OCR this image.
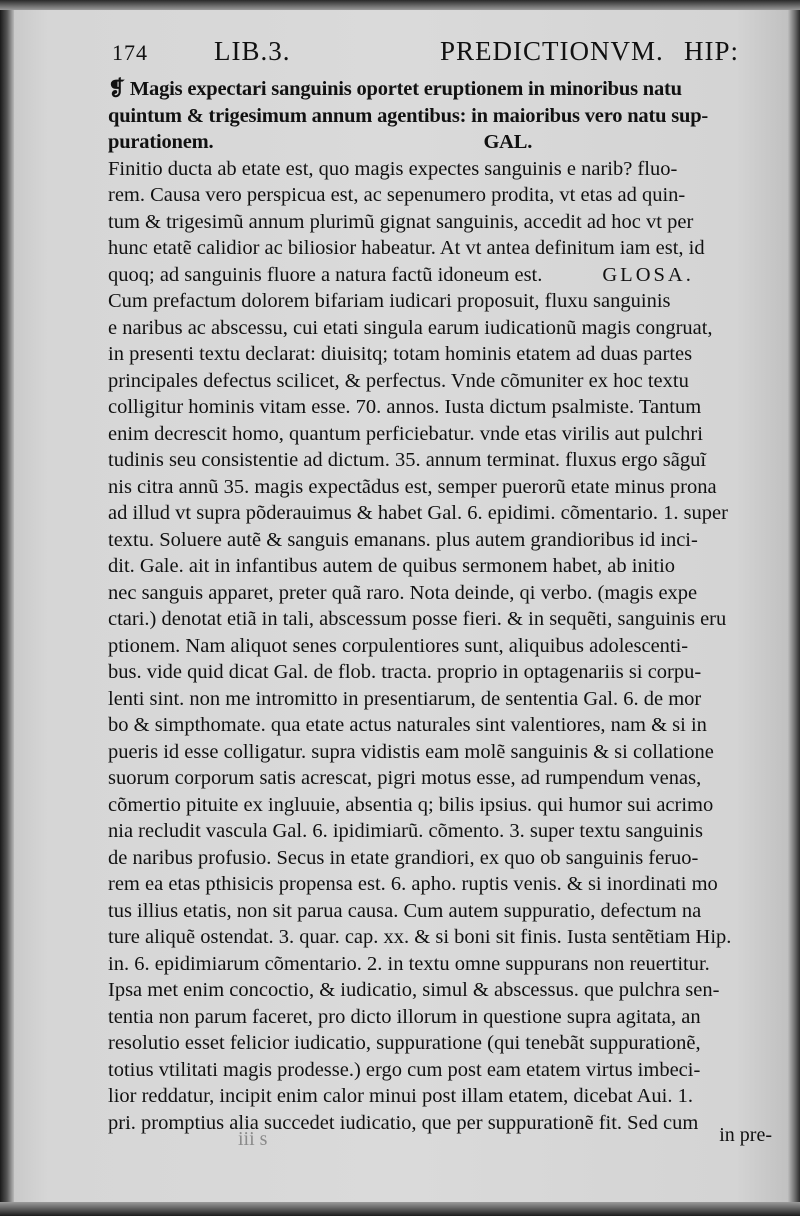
174 LIB.3.	PREDICTIONVM. HIP:
❡ Magis expectari sanguinis oportet eruptionem in minoribus natu
quintum & trigesimum annum agentibus: in maioribus vero natu sup-
purationem.	GAL.
Finitio ducta ab etate est, quo magis expectes sanguinis e narib? fluo-
rem. Causa vero perspicua est, ac sepenumero prodita, vt etas ad quin-
tum & trigesimũ annum plurimũ gignat sanguinis, accedit ad hoc vt per
hunc etatẽ calidior ac biliosior habeatur. At vt antea definitum iam est, id
quoq; ad sanguinis fluore a natura factũ idoneum est.	GLOSA.
Cum prefactum dolorem bifariam iudicari proposuit, fluxu sanguinis
e naribus ac abscessu, cui etati singula earum iudicationũ magis congruat,
in presenti textu declarat: diuisitq; totam hominis etatem ad duas partes
principales defectus scilicet, & perfectus. Vnde cõmuniter ex hoc textu
colligitur hominis vitam esse. 70. annos. Iusta dictum psalmiste. Tantum
enim decrescit homo, quantum perficiebatur. vnde etas virilis aut pulchri
tudinis seu consistentie ad dictum. 35. annum terminat. fluxus ergo sãguĩ
nis citra annũ 35. magis expectãdus est, semper puerorũ etate minus prona
ad illud vt supra põderauimus & habet Gal. 6. epidimi. cõmentario. 1. super
textu. Soluere autẽ & sanguis emanans. plus autem grandioribus id inci-
dit. Gale. ait in infantibus autem de quibus sermonem habet, ab initio
nec sanguis apparet, preter quã raro. Nota deinde, qi verbo. (magis expe
ctari.) denotat etiã in tali, abscessum posse fieri. & in sequẽti, sanguinis eru
ptionem. Nam aliquot senes corpulentiores sunt, aliquibus adolescenti-
bus. vide quid dicat Gal. de flob. tracta. proprio in optagenariis si corpu-
lenti sint. non me intromitto in presentiarum, de sententia Gal. 6. de mor
bo & simpthomate. qua etate actus naturales sint valentiores, nam & si in
pueris id esse colligatur. supra vidistis eam molẽ sanguinis & si collatione
suorum corporum satis acrescat, pigri motus esse, ad rumpendum venas,
cõmertio pituite ex ingluuie, absentia q; bilis ipsius. qui humor sui acrimo
nia recludit vascula Gal. 6. ipidimiarũ. cõmento. 3. super textu sanguinis
de naribus profusio. Secus in etate grandiori, ex quo ob sanguinis feruo-
rem ea etas pthisicis propensa est. 6. apho. ruptis venis. & si inordinati mo
tus illius etatis, non sit parua causa. Cum autem suppuratio, defectum na
ture aliquẽ ostendat. 3. quar. cap. xx. & si boni sit finis. Iusta sentẽtiam Hip.
in. 6. epidimiarum cõmentario. 2. in textu omne suppurans non reuertitur.
Ipsa met enim concoctio, & iudicatio, simul & abscessus. que pulchra sen-
tentia non parum faceret, pro dicto illorum in questione supra agitata, an
resolutio esset felicior iudicatio, suppuratione (qui tenebãt suppurationẽ,
totius vtilitati magis prodesse.) ergo cum post eam etatem virtus imbeci-
lior reddatur, incipit enim calor minui post illam etatem, dicebat Aui. 1.
pri. promptius alia succedet iudicatio, que per suppurationẽ fit. Sed cum
iii s	in pre-
